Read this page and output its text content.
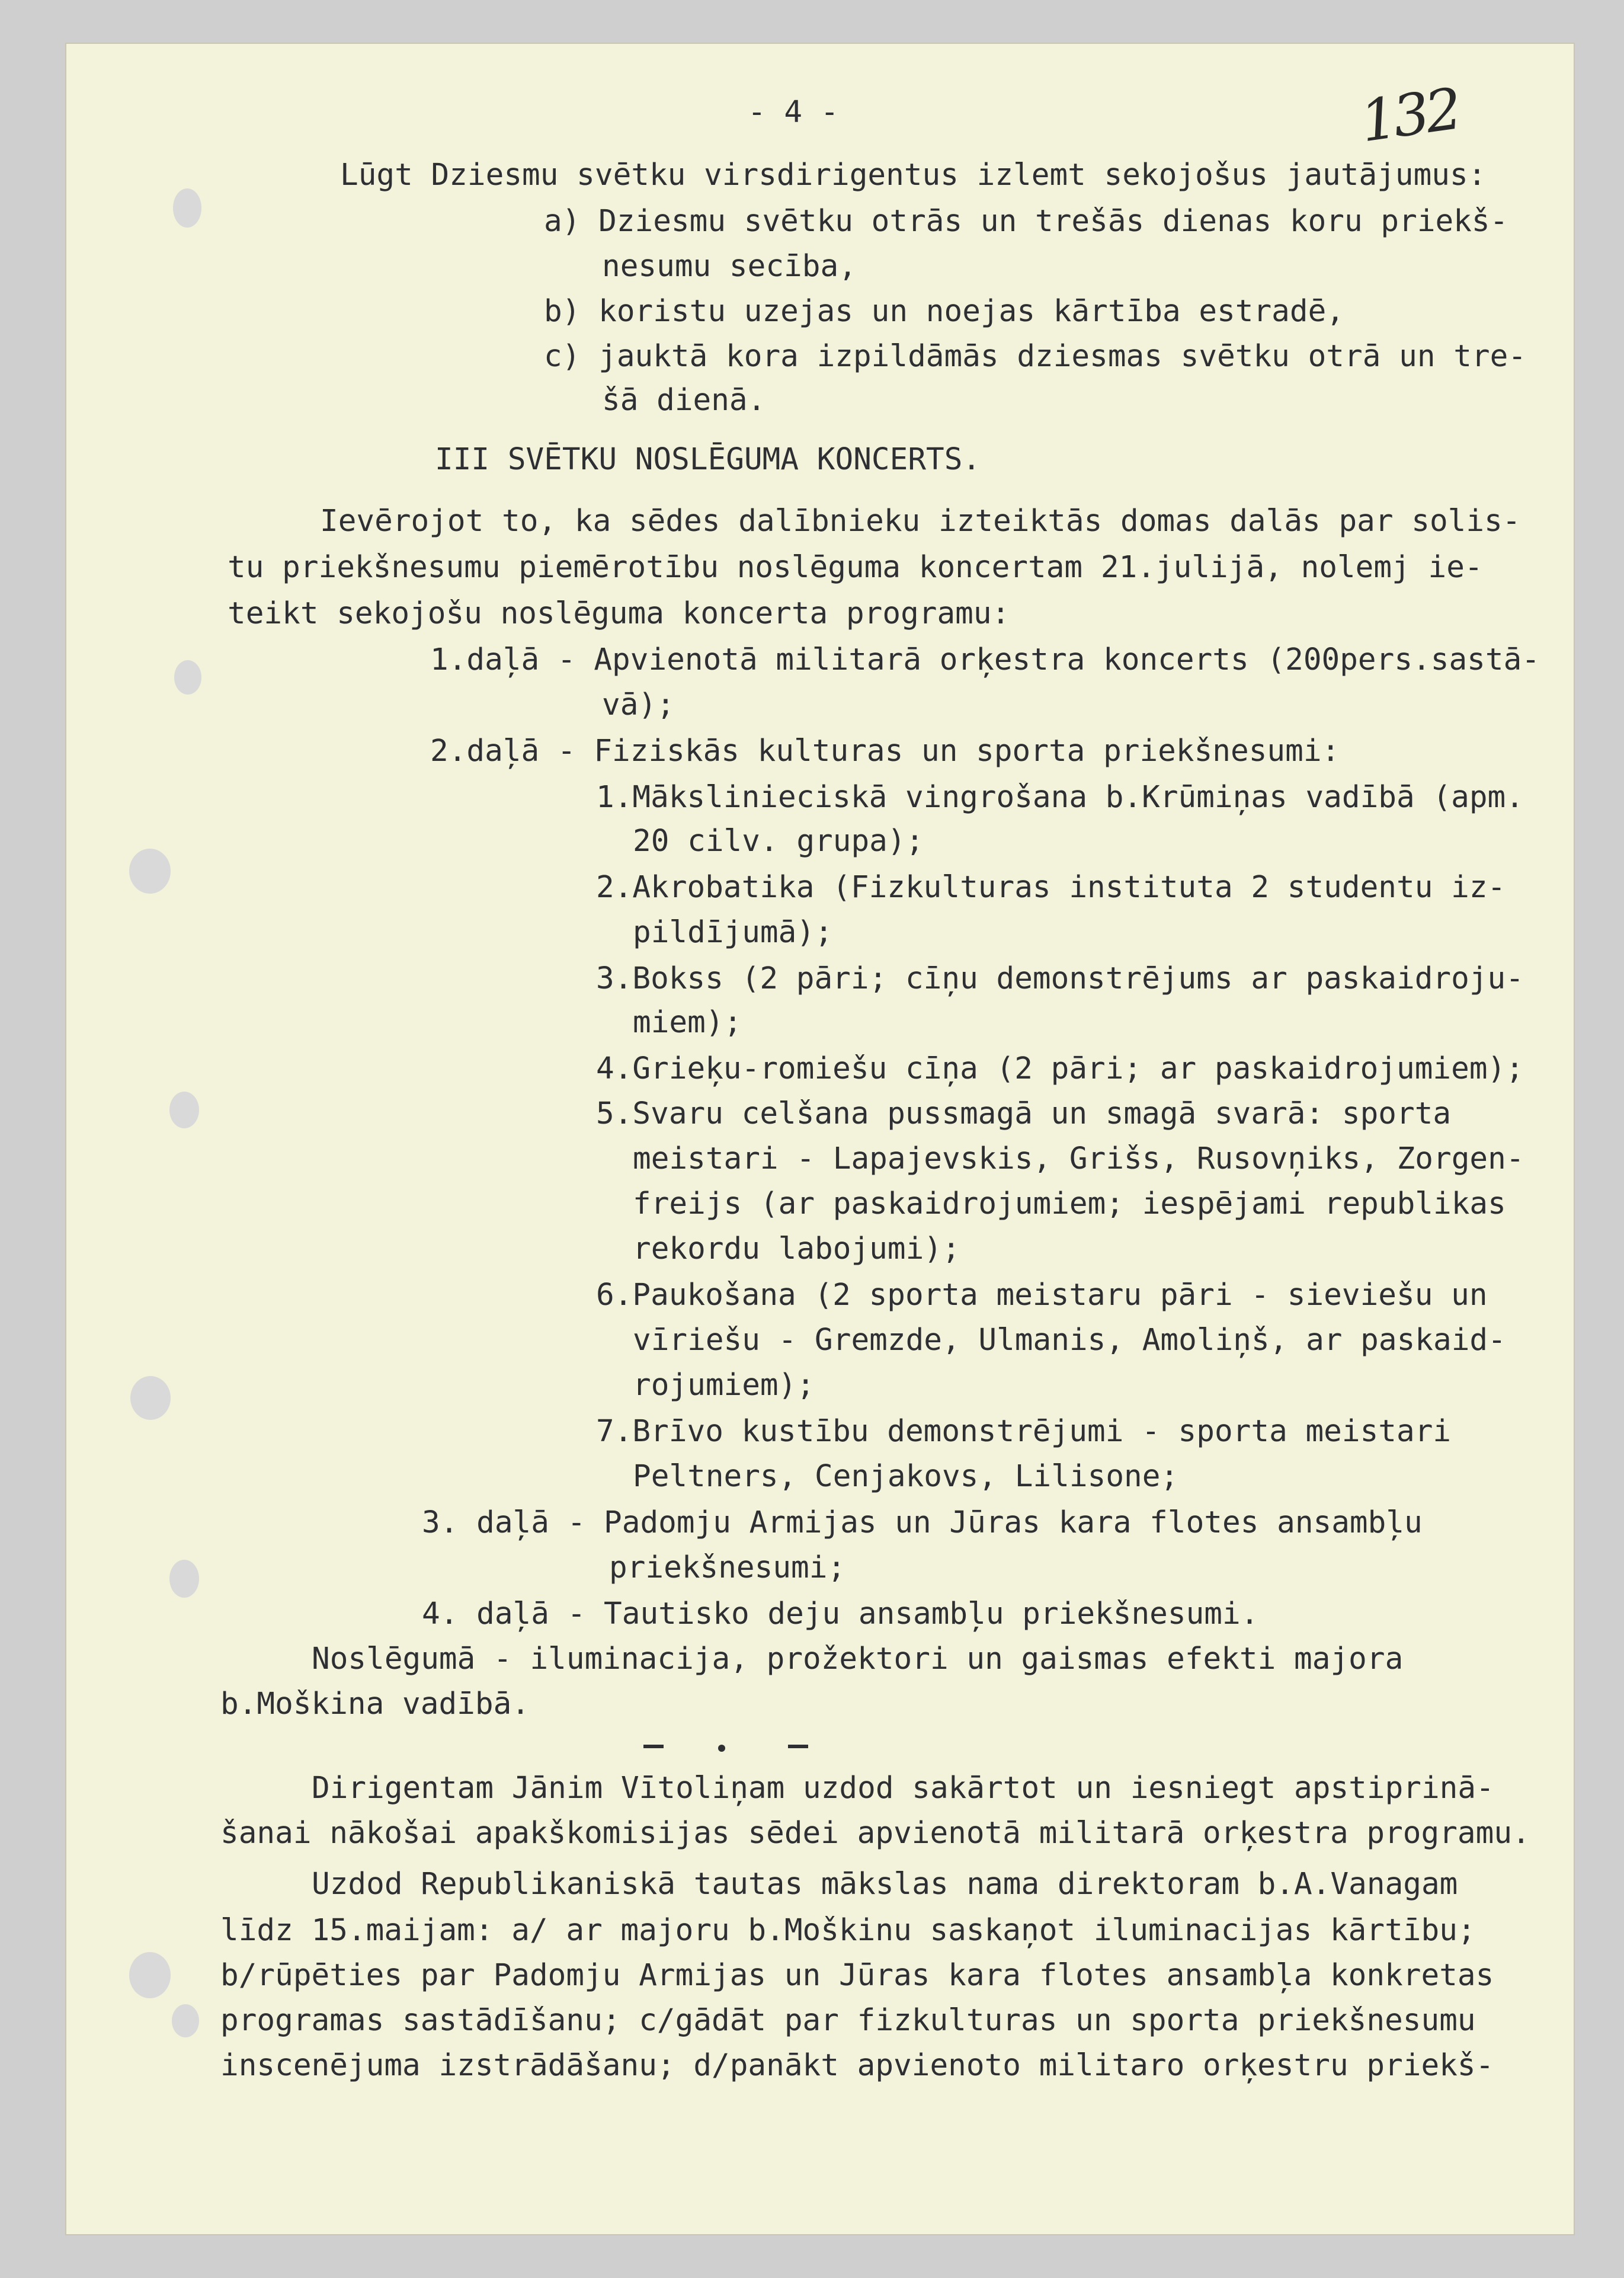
- 4 -	132
Lūgt Dziesmu svētku virsdirigentus izlemt sekojošus jautājumus:
a) Dziesmu svētku otrās un trešās dienas koru priekš-
nesumu secība,
b) koristu uzejas un noejas kārtība estradē,
c) jauktā kora izpildāmās dziesmas svētku otrā un tre-
šā dienā.
III SVĒTKU NOSLĒGUMA KONCERTS.
Ievērojot to, ka sēdes dalībnieku izteiktās domas dalās par solis-
tu priekšnesumu piemērotību noslēguma koncertam 21.julijā, nolemj ie-
teikt sekojošu noslēguma koncerta programu:
1.daļā - Apvienotā militarā orķestra koncerts (200pers.sastā-
vā);
2.daļā - Fiziskās kulturas un sporta priekšnesumi:
1.Mākslinieciskā vingrošana b.Krūmiņas vadībā (apm.
20 cilv. grupa);
2.Akrobatika (Fizkulturas instituta 2 studentu iz-
pildījumā);
3.Bokss (2 pāri; cīņu demonstrējums ar paskaidroju-
miem);
4.Grieķu-romiešu cīņa (2 pāri; ar paskaidrojumiem);
5.Svaru celšana pussmagā un smagā svarā: sporta
meistari - Lapajevskis, Grišs, Rusovņiks, Zorgen-
freijs (ar paskaidrojumiem; iespējami republikas
rekordu labojumi);
6.Paukošana (2 sporta meistaru pāri - sieviešu un
vīriešu - Gremzde, Ulmanis, Amoliņš, ar paskaid-
rojumiem);
7.Brīvo kustību demonstrējumi - sporta meistari
Peltners, Cenjakovs, Lilisone;
3. daļā - Padomju Armijas un Jūras kara flotes ansambļu
priekšnesumi;
4. daļā - Tautisko deju ansambļu priekšnesumi.
Noslēgumā - iluminacija, prožektori un gaismas efekti majora
b.Moškina vadībā.
Dirigentam Jānim Vītoliņam uzdod sakārtot un iesniegt apstiprinā-
šanai nākošai apakškomisijas sēdei apvienotā militarā orķestra programu.
Uzdod Republikaniskā tautas mākslas nama direktoram b.A.Vanagam
līdz 15.maijam: a/ ar majoru b.Moškinu saskaņot iluminacijas kārtību;
b/rūpēties par Padomju Armijas un Jūras kara flotes ansambļa konkretas
programas sastādīšanu; c/gādāt par fizkulturas un sporta priekšnesumu
inscenējuma izstrādāšanu; d/panākt apvienoto militaro orķestru priekš-
